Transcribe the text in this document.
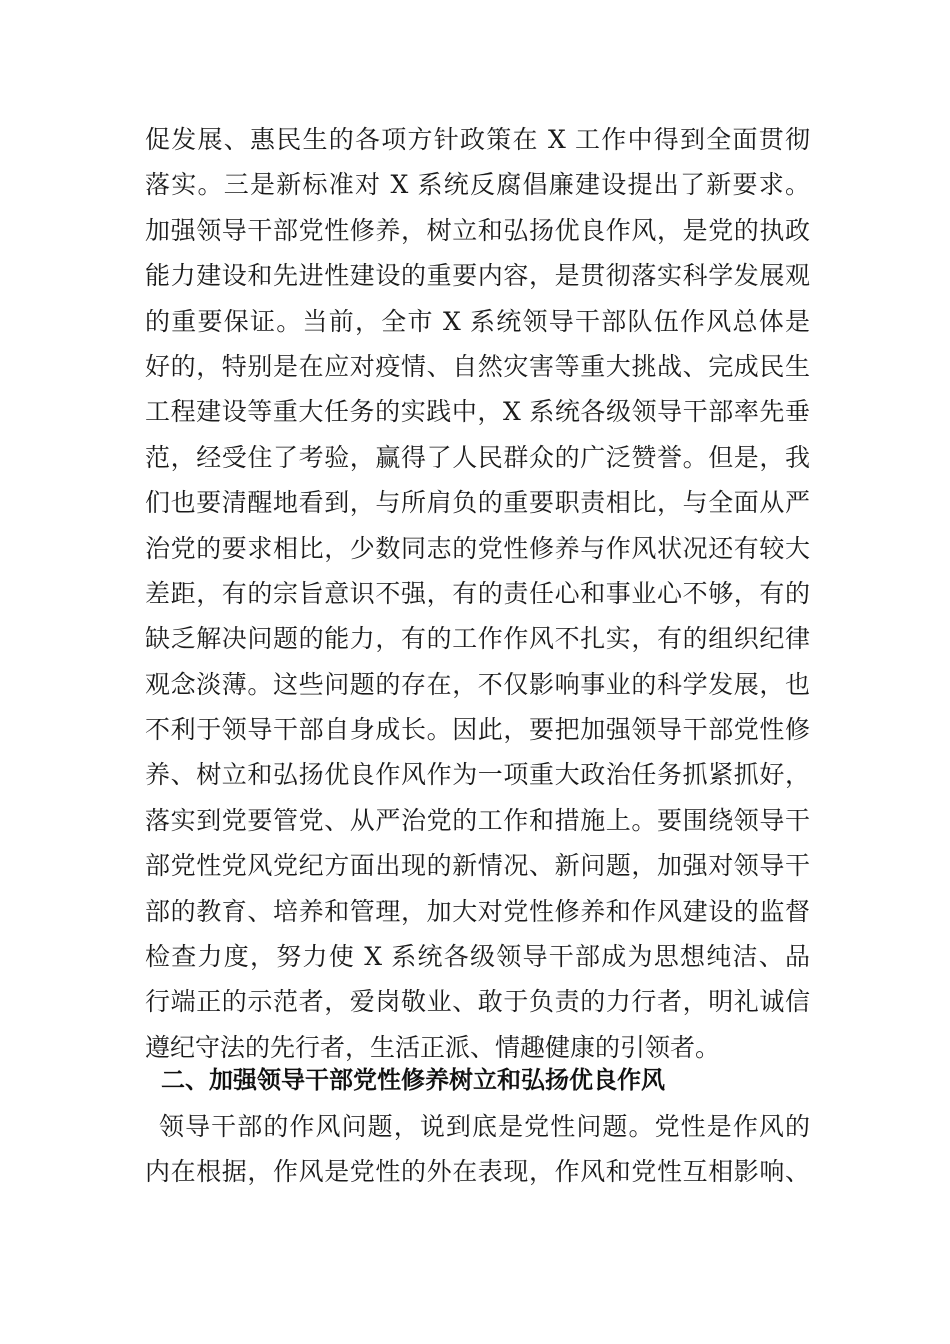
促发展、惠民生的各项方针政策在 X 工作中得到全面贯彻
落实。三是新标准对 X 系统反腐倡廉建设提出了新要求。
加强领导干部党性修养，树立和弘扬优良作风，是党的执政
能力建设和先进性建设的重要内容，是贯彻落实科学发展观
的重要保证。当前，全市 X 系统领导干部队伍作风总体是
好的，特别是在应对疫情、自然灾害等重大挑战、完成民生
工程建设等重大任务的实践中，X 系统各级领导干部率先垂
范，经受住了考验，赢得了人民群众的广泛赞誉。但是，我
们也要清醒地看到，与所肩负的重要职责相比，与全面从严
治党的要求相比，少数同志的党性修养与作风状况还有较大
差距，有的宗旨意识不强，有的责任心和事业心不够，有的
缺乏解决问题的能力，有的工作作风不扎实，有的组织纪律
观念淡薄。这些问题的存在，不仅影响事业的科学发展，也
不利于领导干部自身成长。因此，要把加强领导干部党性修
养、树立和弘扬优良作风作为一项重大政治任务抓紧抓好，
落实到党要管党、从严治党的工作和措施上。要围绕领导干
部党性党风党纪方面出现的新情况、新问题，加强对领导干
部的教育、培养和管理，加大对党性修养和作风建设的监督
检查力度，努力使 X 系统各级领导干部成为思想纯洁、品
行端正的示范者，爱岗敬业、敢于负责的力行者，明礼诚信
遵纪守法的先行者，生活正派、情趣健康的引领者。
二、加强领导干部党性修养树立和弘扬优良作风
领导干部的作风问题，说到底是党性问题。党性是作风的
内在根据，作风是党性的外在表现，作风和党性互相影响、
